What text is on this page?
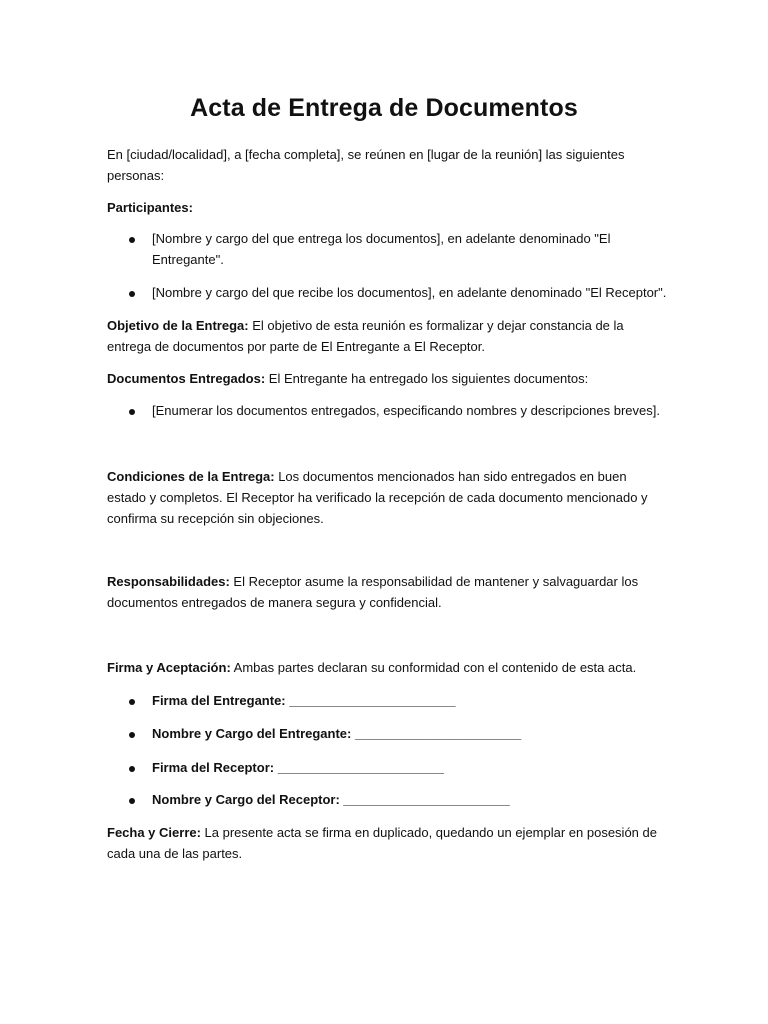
Acta de Entrega de Documentos

En [ciudad/localidad], a [fecha completa], se reúnen en [lugar de la reunión] las siguientes personas:

Participantes:

[Nombre y cargo del que entrega los documentos], en adelante denominado "El Entregante".

[Nombre y cargo del que recibe los documentos], en adelante denominado "El Receptor".

Objetivo de la Entrega: El objetivo de esta reunión es formalizar y dejar constancia de la entrega de documentos por parte de El Entregante a El Receptor.

Documentos Entregados: El Entregante ha entregado los siguientes documentos:

[Enumerar los documentos entregados, especificando nombres y descripciones breves].

Condiciones de la Entrega: Los documentos mencionados han sido entregados en buen estado y completos. El Receptor ha verificado la recepción de cada documento mencionado y confirma su recepción sin objeciones.

Responsabilidades: El Receptor asume la responsabilidad de mantener y salvaguardar los documentos entregados de manera segura y confidencial.

Firma y Aceptación: Ambas partes declaran su conformidad con el contenido de esta acta.

Firma del Entregante: _______________________

Nombre y Cargo del Entregante: _______________________

Firma del Receptor: _______________________

Nombre y Cargo del Receptor: _______________________

Fecha y Cierre: La presente acta se firma en duplicado, quedando un ejemplar en posesión de cada una de las partes.
